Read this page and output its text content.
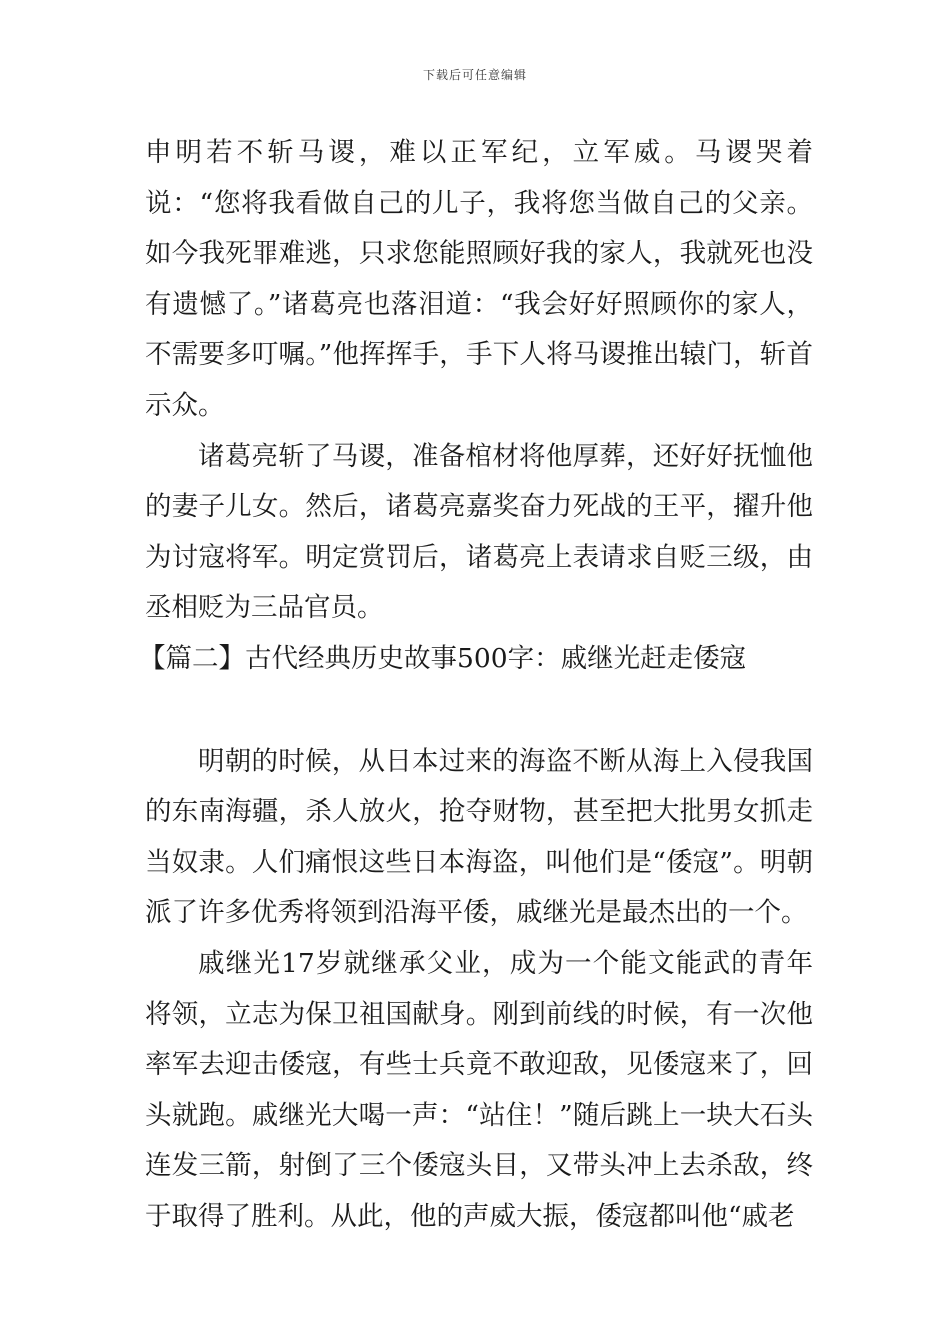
下载后可任意编辑

申明若不斩马谡，难以正军纪，立军威。马谡哭着说：“您将我看做自己的儿子，我将您当做自己的父亲。如今我死罪难逃，只求您能照顾好我的家人，我就死也没有遗憾了。”诸葛亮也落泪道：“我会好好照顾你的家人，不需要多叮嘱。”他挥挥手，手下人将马谡推出辕门，斩首示众。

诸葛亮斩了马谡，准备棺材将他厚葬，还好好抚恤他的妻子儿女。然后，诸葛亮嘉奖奋力死战的王平，擢升他为讨寇将军。明定赏罚后，诸葛亮上表请求自贬三级，由丞相贬为三品官员。

【篇二】古代经典历史故事500字：戚继光赶走倭寇

明朝的时候，从日本过来的海盗不断从海上入侵我国的东南海疆，杀人放火，抢夺财物，甚至把大批男女抓走当奴隶。人们痛恨这些日本海盗，叫他们是“倭寇”。明朝派了许多优秀将领到沿海平倭，戚继光是最杰出的一个。

戚继光17岁就继承父业，成为一个能文能武的青年将领，立志为保卫祖国献身。刚到前线的时候，有一次他率军去迎击倭寇，有些士兵竟不敢迎敌，见倭寇来了，回头就跑。戚继光大喝一声：“站住！”随后跳上一块大石头连发三箭，射倒了三个倭寇头目，又带头冲上去杀敌，终于取得了胜利。从此，他的声威大振，倭寇都叫他“戚老
